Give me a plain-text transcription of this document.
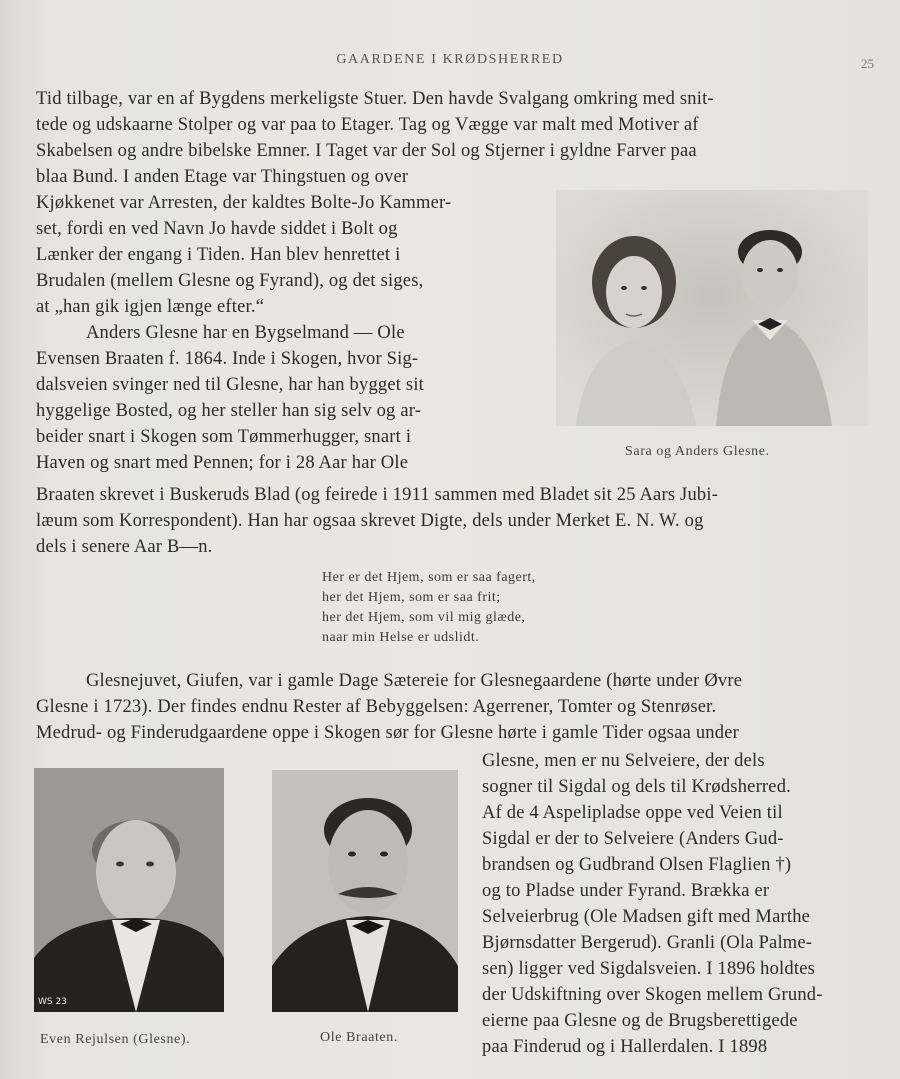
GAARDENE I KRØDSHERRED	25
Tid tilbage, var en af Bygdens merkeligste Stuer. Den havde Svalgang omkring med snit-
tede og udskaarne Stolper og var paa to Etager. Tag og Vægge var malt med Motiver af
Skabelsen og andre bibelske Emner. I Taget var der Sol og Stjerner i gyldne Farver paa
blaa Bund. I anden Etage var Thingstuen og over
Kjøkkenet var Arresten, der kaldtes Bolte-Jo Kammer-
set, fordi en ved Navn Jo havde siddet i Bolt og
Lænker der engang i Tiden. Han blev henrettet i
Brudalen (mellem Glesne og Fyrand), og det siges,
at „han gik igjen længe efter.“
Anders Glesne har en Bygselmand — Ole
Evensen Braaten f. 1864. Inde i Skogen, hvor Sig-
dalsveien svinger ned til Glesne, har han bygget sit
hyggelige Bosted, og her steller han sig selv og ar-
beider snart i Skogen som Tømmerhugger, snart i
Haven og snart med Pennen; for i 28 Aar har Ole
Sara og Anders Glesne.
Braaten skrevet i Buskeruds Blad (og feirede i 1911 sammen med Bladet sit 25 Aars Jubi-
læum som Korrespondent). Han har ogsaa skrevet Digte, dels under Merket E. N. W. og
dels i senere Aar B—n.
Her er det Hjem, som er saa fagert,
her det Hjem, som er saa frit;
her det Hjem, som vil mig glæde,
naar min Helse er udslidt.
Glesnejuvet, Giufen, var i gamle Dage Sætereie for Glesnegaardene (hørte under Øvre
Glesne i 1723). Der findes endnu Rester af Bebyggelsen: Agerrener, Tomter og Stenrøser.
Medrud- og Finderudgaardene oppe i Skogen sør for Glesne hørte i gamle Tider ogsaa under
Glesne, men er nu Selveiere, der dels
sogner til Sigdal og dels til Krødsherred.
Af de 4 Aspelipladse oppe ved Veien til
Sigdal er der to Selveiere (Anders Gud-
brandsen og Gudbrand Olsen Flaglien †)
og to Pladse under Fyrand. Brækka er
Selveierbrug (Ole Madsen gift med Marthe
Bjørnsdatter Bergerud). Granli (Ola Palme-
sen) ligger ved Sigdalsveien. I 1896 holdtes
der Udskiftning over Skogen mellem Grund-
eierne paa Glesne og de Brugsberettigede
paa Finderud og i Hallerdalen. I 1898
WS 23
Even Rejulsen (Glesne).	Ole Braaten.
